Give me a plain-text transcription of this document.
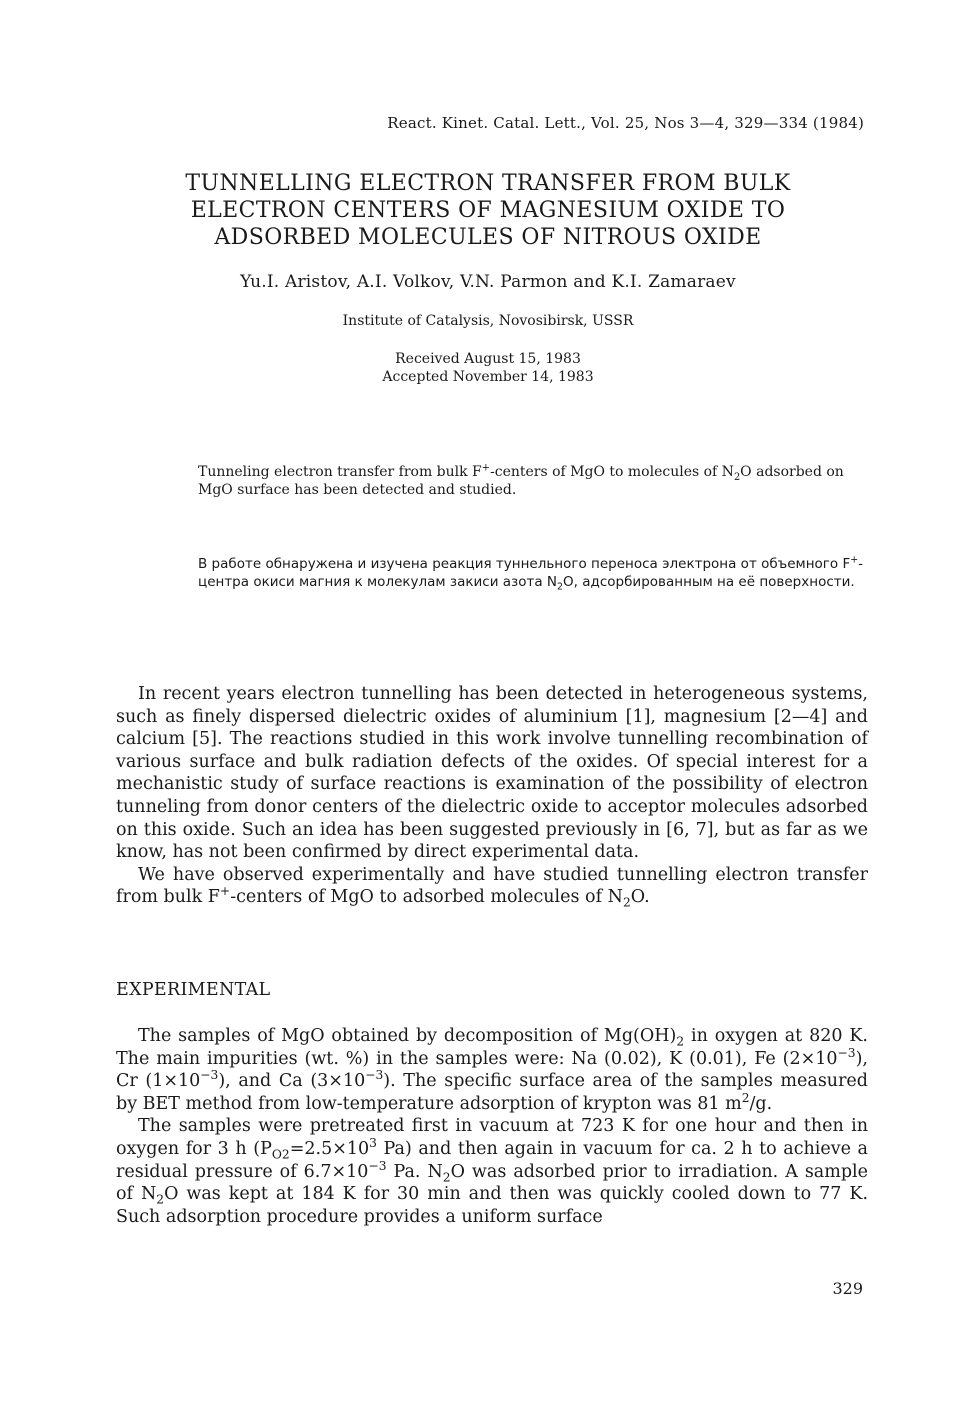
React. Kinet. Catal. Lett., Vol. 25, Nos 3—4, 329—334 (1984)
TUNNELLING ELECTRON TRANSFER FROM BULK
ELECTRON CENTERS OF MAGNESIUM OXIDE TO
ADSORBED MOLECULES OF NITROUS OXIDE
Yu.I. Aristov, A.I. Volkov, V.N. Parmon and K.I. Zamaraev
Institute of Catalysis, Novosibirsk, USSR
Received August 15, 1983
Accepted November 14, 1983
Tunneling electron transfer from bulk F+-centers of MgO to molecules of $N_2O$ adsorbed on MgO surface has been detected and studied.
В работе обнаружена и изучена реакция туннельного переноса электрона от объемного F+-центра окиси магния к молекулам закиси азота $N_2O$, адсорбированным на её поверхности.

In recent years electron tunnelling has been detected in heterogeneous systems, such as finely dispersed dielectric oxides of aluminium [1], magnesium [2—4] and calcium [5]. The reactions studied in this work involve tunnelling recombination of various surface and bulk radiation defects of the oxides. Of special interest for a mechanistic study of surface reactions is examination of the possibility of electron tunneling from donor centers of the dielectric oxide to acceptor molecules adsorbed on this oxide. Such an idea has been suggested previously in [6, 7], but as far as we know, has not been confirmed by direct experimental data.

We have observed experimentally and have studied tunnelling electron transfer from bulk F+-centers of MgO to adsorbed molecules of $N_2O$.

EXPERIMENTAL

The samples of MgO obtained by decomposition of $Mg(OH)_2$ in oxygen at 820 K. The main impurities (wt. %) in the samples were: Na (0.02), K (0.01), Fe $(2\times 10^{-3})$, Cr $(1\times 10^{-3})$, and Ca $(3\times 10^{-3})$. The specific surface area of the samples measured by BET method from low-temperature adsorption of krypton was 81 $m^2/g$.

The samples were pretreated first in vacuum at 723 K for one hour and then in oxygen for 3 h ($P_{O2}=2.5\times 10^3$ Pa) and then again in vacuum for ca. 2 h to achieve a residual pressure of $6.7\times 10^{-3}$ Pa. $N_2O$ was adsorbed prior to irradiation. A sample of $N_2O$ was kept at 184 K for 30 min and then was quickly cooled down to 77 K. Such adsorption procedure provides a uniform surface

329
